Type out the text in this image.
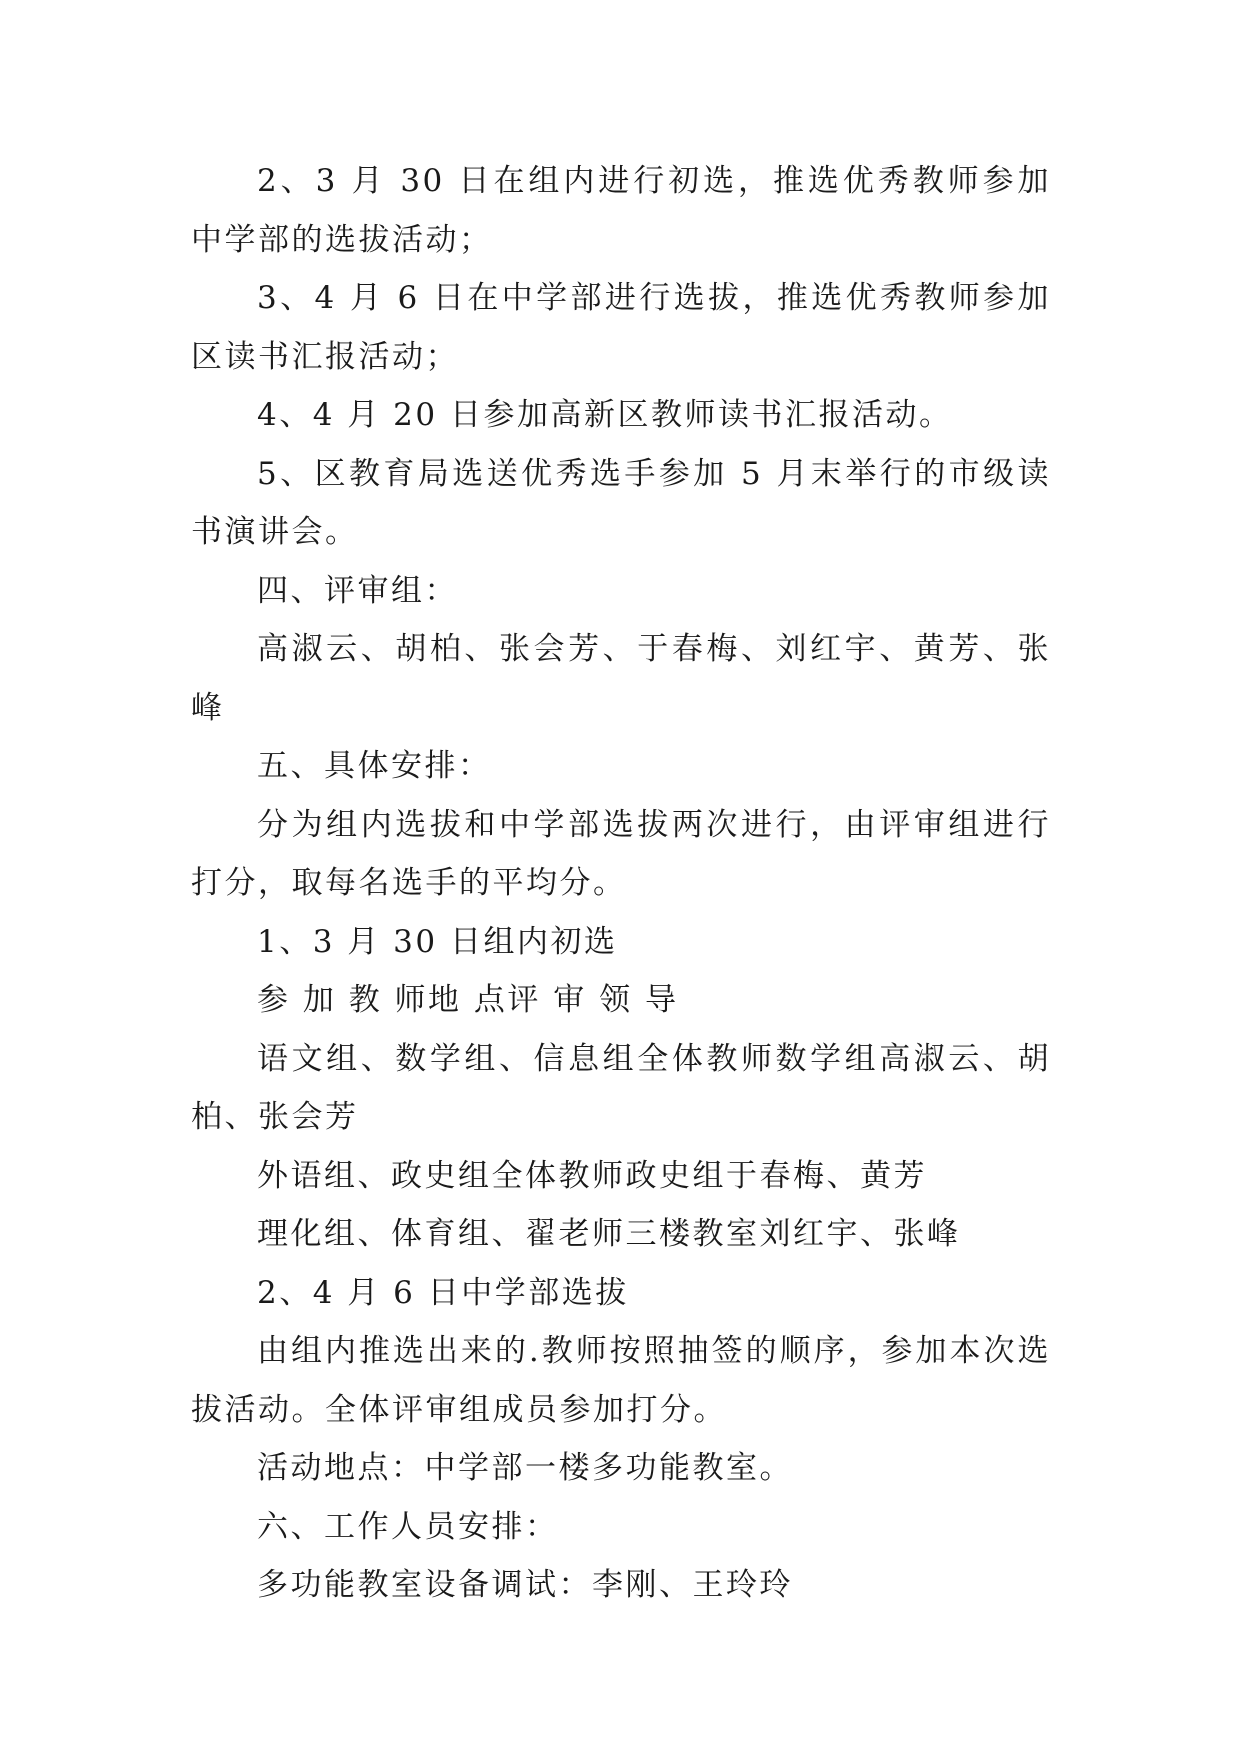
2、3 月 30 日在组内进行初选，推选优秀教师参加中学部的选拔活动；

3、4 月 6 日在中学部进行选拔，推选优秀教师参加区读书汇报活动；

4、4 月 20 日参加高新区教师读书汇报活动。

5、区教育局选送优秀选手参加 5 月末举行的市级读书演讲会。

四、评审组：

高淑云、胡柏、张会芳、于春梅、刘红宇、黄芳、张峰

五、具体安排：

分为组内选拔和中学部选拔两次进行，由评审组进行打分，取每名选手的平均分。

1、3 月 30 日组内初选

参 加 教 师地 点评 审 领 导

语文组、数学组、信息组全体教师数学组高淑云、胡柏、张会芳

外语组、政史组全体教师政史组于春梅、黄芳

理化组、体育组、翟老师三楼教室刘红宇、张峰

2、4 月 6 日中学部选拔

由组内推选出来的.教师按照抽签的顺序，参加本次选拔活动。全体评审组成员参加打分。

活动地点：中学部一楼多功能教室。

六、工作人员安排：

多功能教室设备调试：李刚、王玲玲
